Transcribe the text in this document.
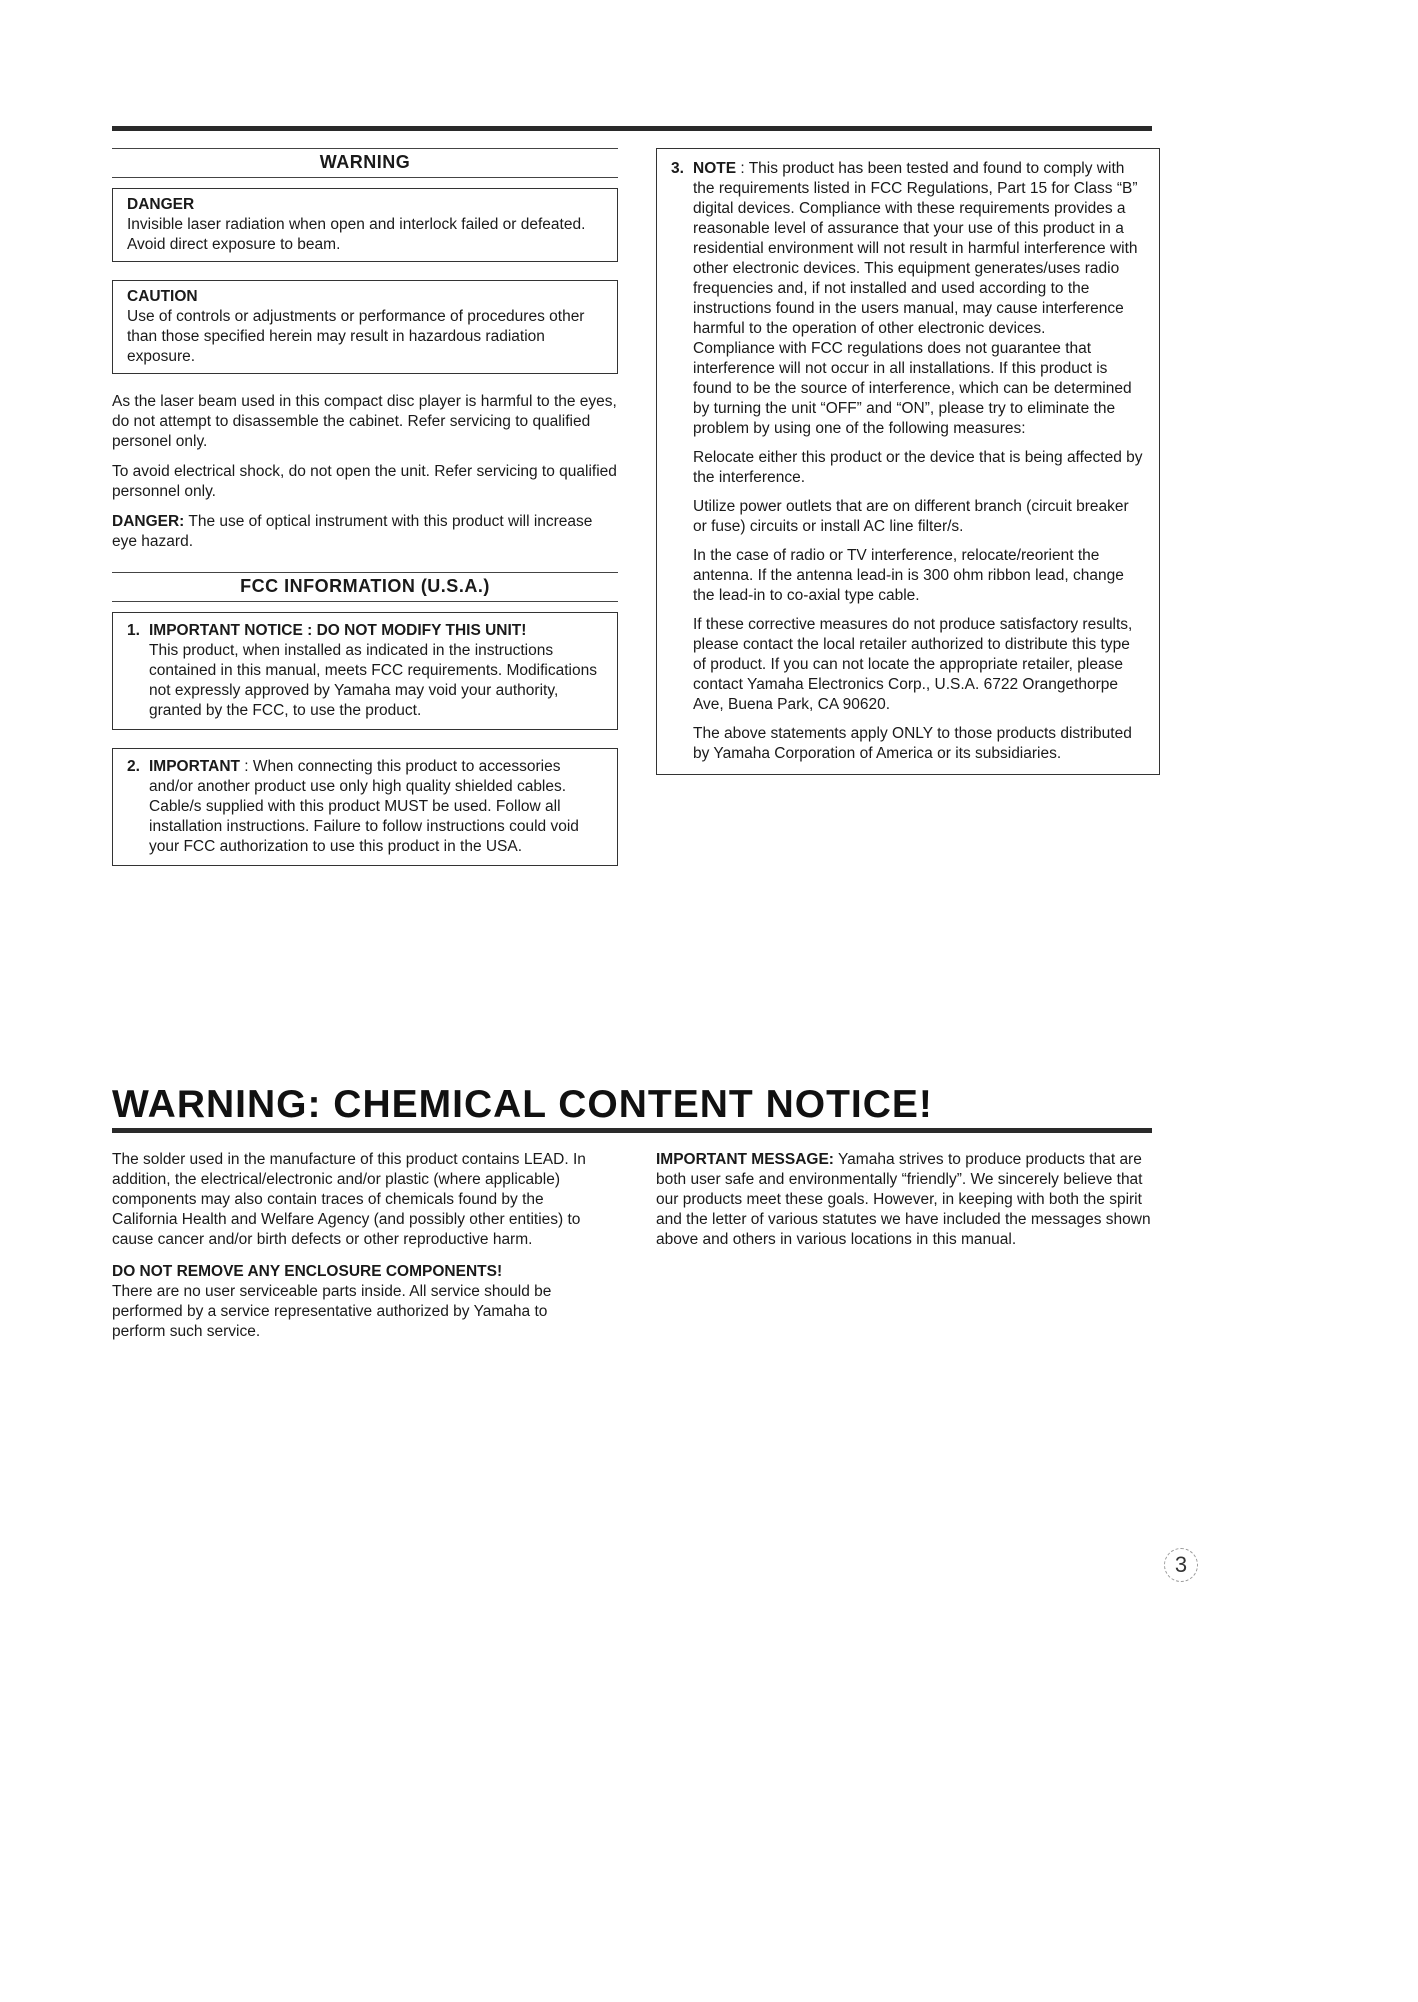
WARNING
DANGER
Invisible laser radiation when open and interlock failed or defeated.
Avoid direct exposure to beam.
CAUTION
Use of controls or adjustments or performance of procedures other than those specified herein may result in hazardous radiation exposure.

As the laser beam used in this compact disc player is harmful to the eyes, do not attempt to disassemble the cabinet. Refer servicing to qualified personel only.

To avoid electrical shock, do not open the unit. Refer servicing to qualified personnel only.

DANGER: The use of optical instrument with this product will increase eye hazard.

FCC INFORMATION (U.S.A.)
1. IMPORTANT NOTICE : DO NOT MODIFY THIS UNIT!
This product, when installed as indicated in the instructions contained in this manual, meets FCC requirements. Modifications not expressly approved by Yamaha may void your authority, granted by the FCC, to use the product.
2. IMPORTANT : When connecting this product to accessories and/or another product use only high quality shielded cables. Cable/s supplied with this product MUST be used. Follow all installation instructions. Failure to follow instructions could void your FCC authorization to use this product in the USA.
3. NOTE : This product has been tested and found to comply with the requirements listed in FCC Regulations, Part 15 for Class “B” digital devices. Compliance with these requirements provides a reasonable level of assurance that your use of this product in a residential environment will not result in harmful interference with other electronic devices. This equipment generates/uses radio frequencies and, if not installed and used according to the instructions found in the users manual, may cause interference harmful to the operation of other electronic devices.
Compliance with FCC regulations does not guarantee that interference will not occur in all installations. If this product is found to be the source of interference, which can be determined by turning the unit “OFF” and “ON”, please try to eliminate the problem by using one of the following measures:

Relocate either this product or the device that is being affected by the interference.

Utilize power outlets that are on different branch (circuit breaker or fuse) circuits or install AC line filter/s.

In the case of radio or TV interference, relocate/reorient the antenna. If the antenna lead-in is 300 ohm ribbon lead, change the lead-in to co-axial type cable.

If these corrective measures do not produce satisfactory results, please contact the local retailer authorized to distribute this type of product. If you can not locate the appropriate retailer, please contact Yamaha Electronics Corp., U.S.A. 6722 Orangethorpe Ave, Buena Park, CA 90620.

The above statements apply ONLY to those products distributed by Yamaha Corporation of America or its subsidiaries.

WARNING: CHEMICAL CONTENT NOTICE!

The solder used in the manufacture of this product contains LEAD. In addition, the electrical/electronic and/or plastic (where applicable) components may also contain traces of chemicals found by the California Health and Welfare Agency (and possibly other entities) to cause cancer and/or birth defects or other reproductive harm.

DO NOT REMOVE ANY ENCLOSURE COMPONENTS!
There are no user serviceable parts inside. All service should be performed by a service representative authorized by Yamaha to perform such service.

IMPORTANT MESSAGE: Yamaha strives to produce products that are both user safe and environmentally “friendly”. We sincerely believe that our products meet these goals. However, in keeping with both the spirit and the letter of various statutes we have included the messages shown above and others in various locations in this manual.

3
